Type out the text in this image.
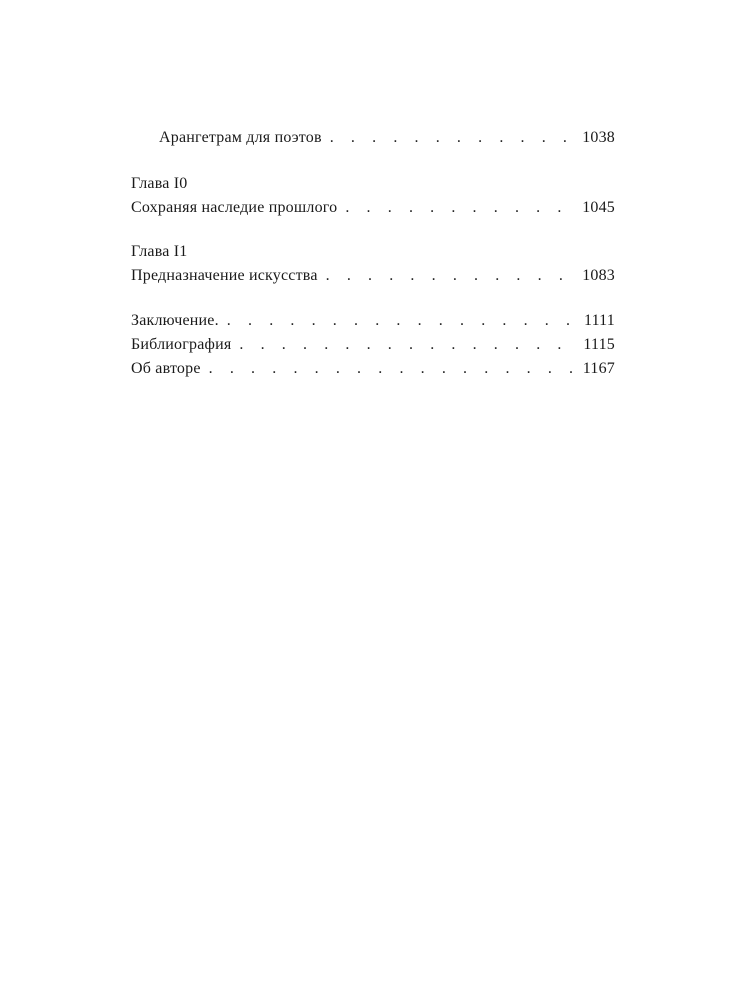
Арангетрам для поэтов . . .	1038
Глава I0
Сохраняя наследие прошлого . . .	1045
Глава I1
Предназначение искусства . . .	1083
Заключение. . . .	1111
Библиография . . .	1115
Об авторе . . .	1167
